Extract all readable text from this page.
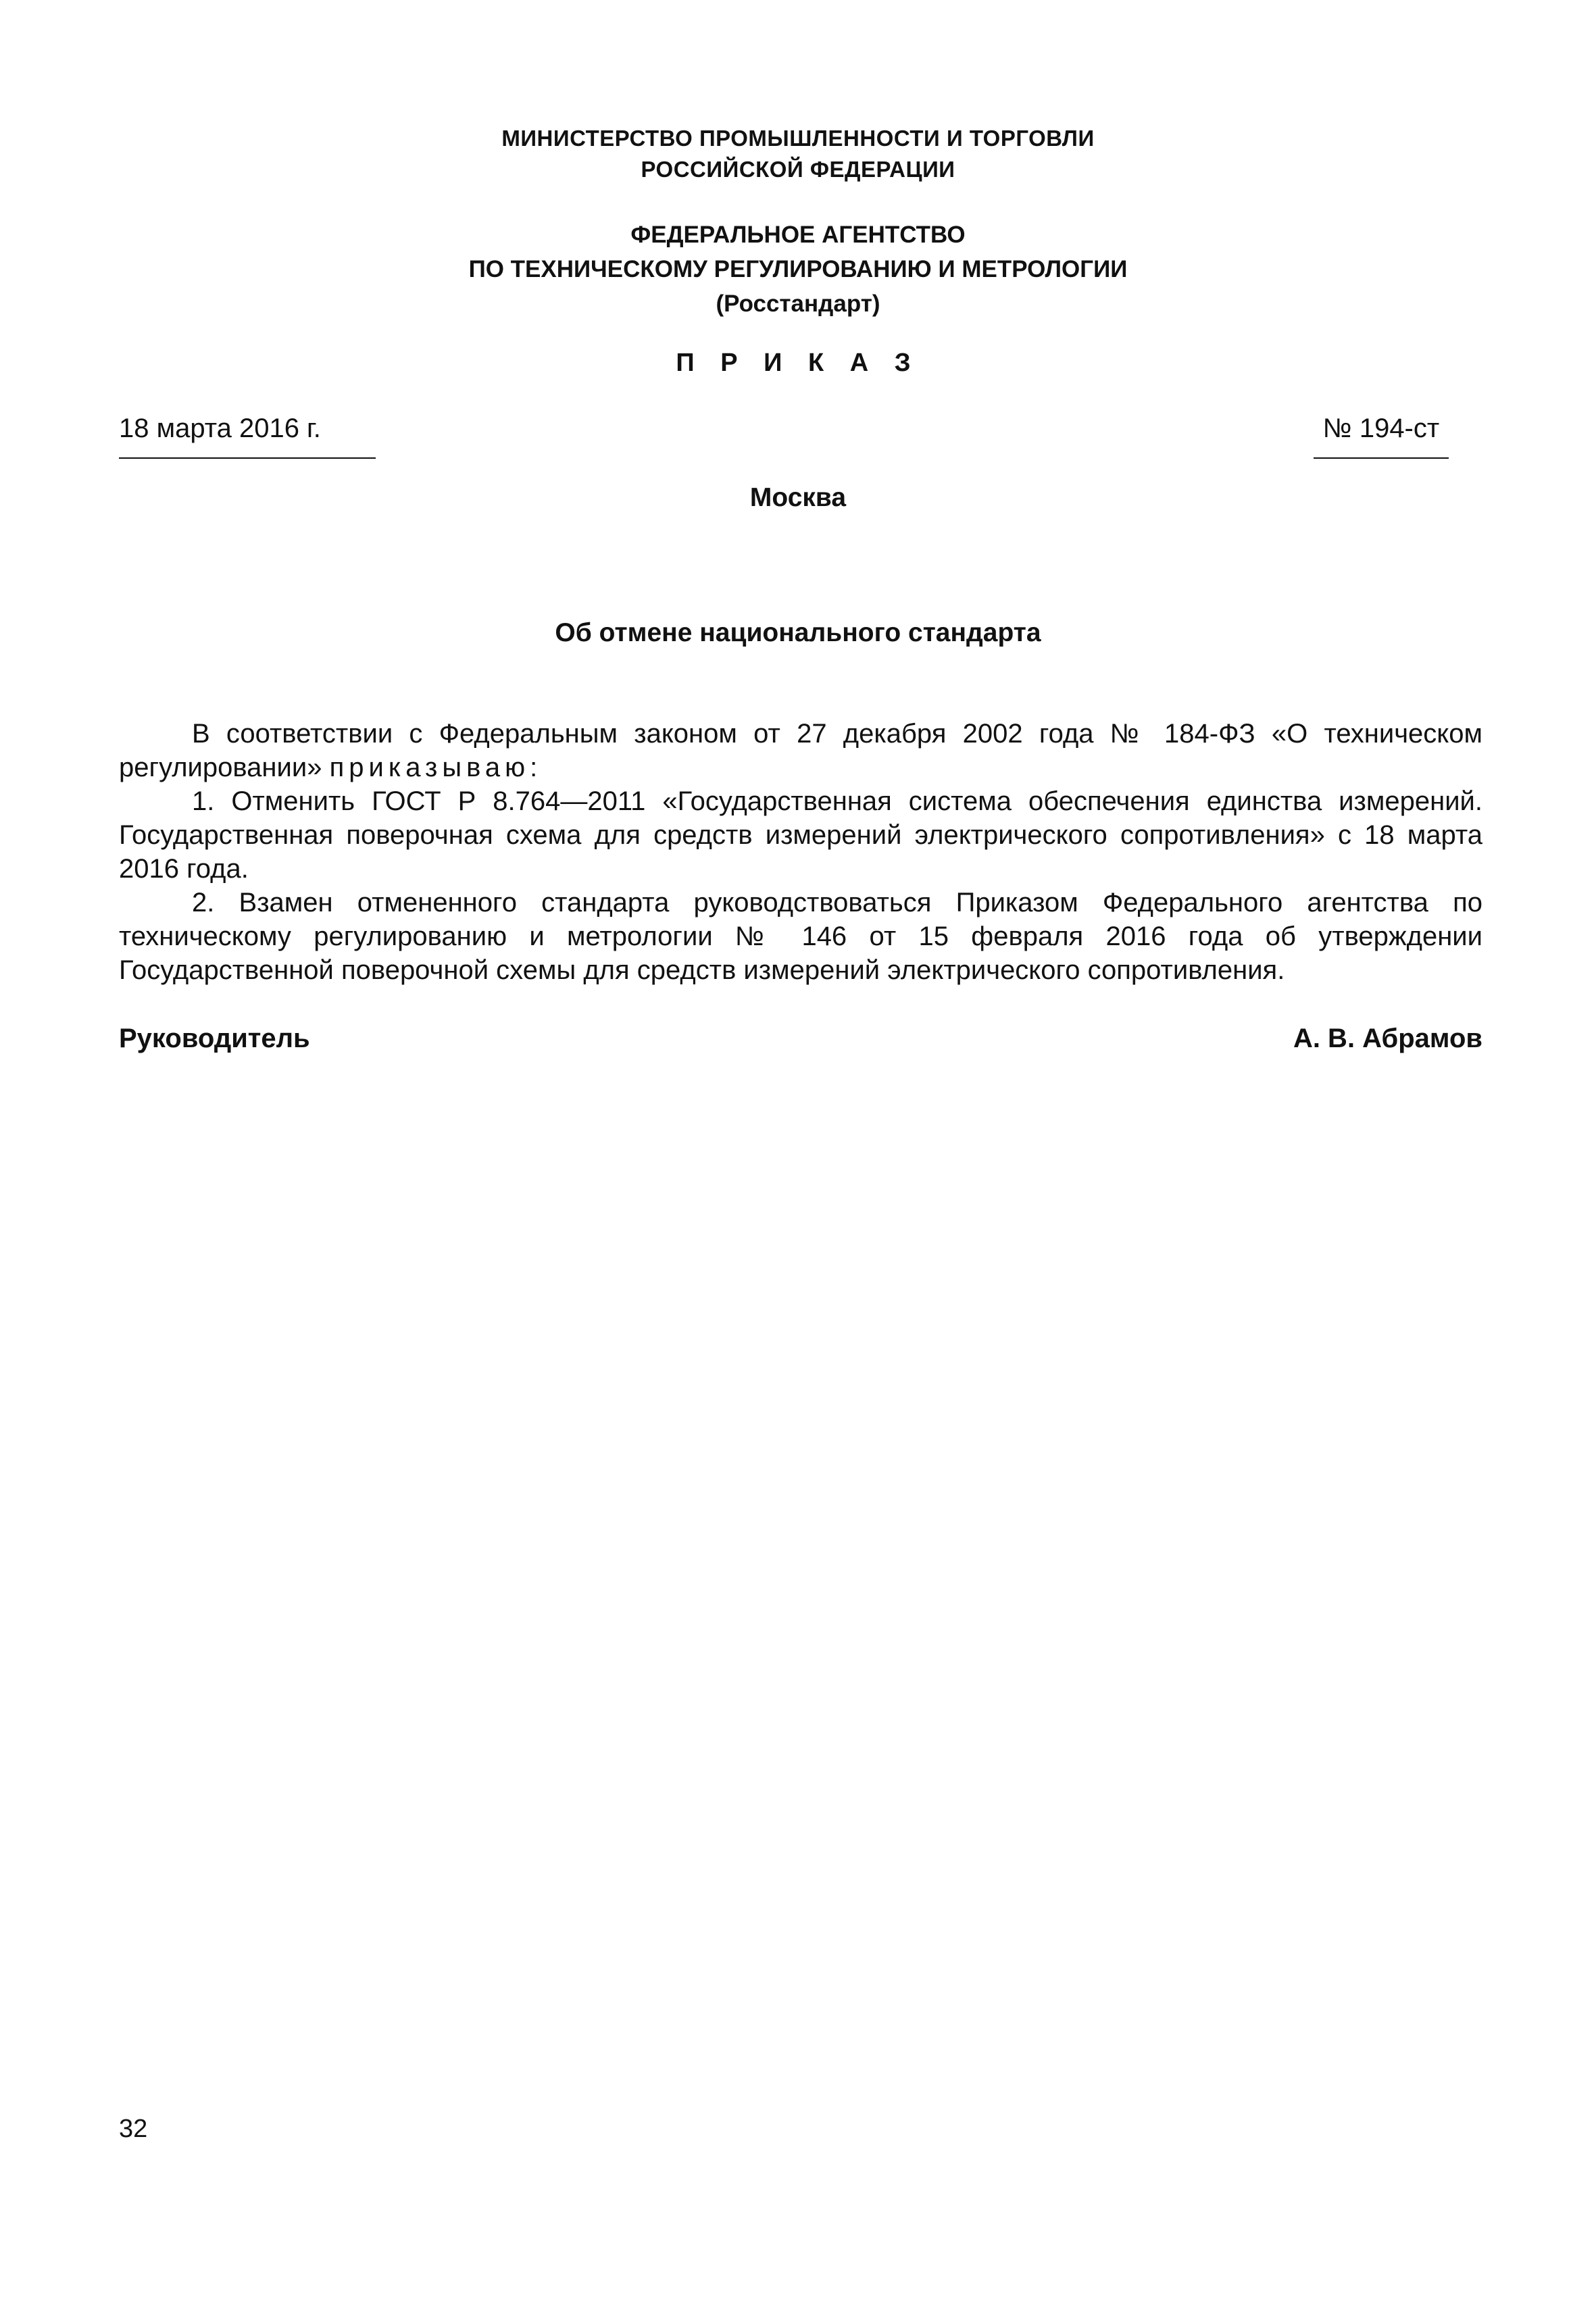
МИНИСТЕРСТВО ПРОМЫШЛЕННОСТИ И ТОРГОВЛИ
РОССИЙСКОЙ ФЕДЕРАЦИИ
ФЕДЕРАЛЬНОЕ АГЕНТСТВО
ПО ТЕХНИЧЕСКОМУ РЕГУЛИРОВАНИЮ И МЕТРОЛОГИИ
(Росстандарт)
П Р И К А З
18 марта 2016 г.	№ 194-ст
Москва
Об отмене национального стандарта

В соответствии с Федеральным законом от 27 декабря 2002 года № 184-ФЗ «О техническом регулировании» приказываю:

1. Отменить ГОСТ Р 8.764—2011 «Государственная система обеспечения единства измерений. Государственная поверочная схема для средств измерений электрического сопротивления» с 18 марта 2016 года.

2. Взамен отмененного стандарта руководствоваться Приказом Федерального агентства по техническому регулированию и метрологии № 146 от 15 февраля 2016 года об утверждении Государственной поверочной схемы для средств измерений электрического сопротивления.

Руководитель	А. В. Абрамов
32
